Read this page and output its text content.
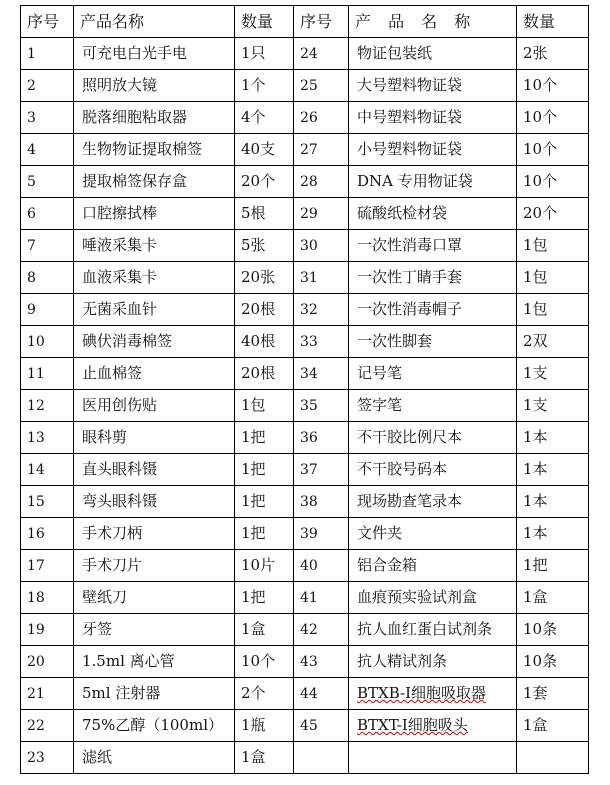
序号	产品名称	数量	序号	产 品 名 称	数量
1	可充电白光手电	1只	24	物证包装纸	2张
2	照明放大镜	1个	25	大号塑料物证袋	10个
3	脱落细胞粘取器	4个	26	中号塑料物证袋	10个
4	生物物证提取棉签	40支	27	小号塑料物证袋	10个
5	提取棉签保存盒	20个	28	DNA 专用物证袋	10个
6	口腔擦拭棒	5根	29	硫酸纸检材袋	20个
7	唾液采集卡	5张	30	一次性消毒口罩	1包
8	血液采集卡	20张	31	一次性丁睛手套	1包
9	无菌采血针	20根	32	一次性消毒帽子	1包
10	碘伏消毒棉签	40根	33	一次性脚套	2双
11	止血棉签	20根	34	记号笔	1支
12	医用创伤贴	1包	35	签字笔	1支
13	眼科剪	1把	36	不干胶比例尺本	1本
14	直头眼科镊	1把	37	不干胶号码本	1本
15	弯头眼科镊	1把	38	现场勘查笔录本	1本
16	手术刀柄	1把	39	文件夹	1本
17	手术刀片	10片	40	铝合金箱	1把
18	壁纸刀	1把	41	血痕预实验试剂盒	1盒
19	牙签	1盒	42	抗人血红蛋白试剂条	10条
20	1.5ml 离心管	10个	43	抗人精试剂条	10条
21	5ml 注射器	2个	44	BTXB-Ⅰ细胞吸取器	1套
22	75%乙醇（100ml）	1瓶	45	BTXT-Ⅰ细胞吸头	1盒
23	滤纸	1盒			
